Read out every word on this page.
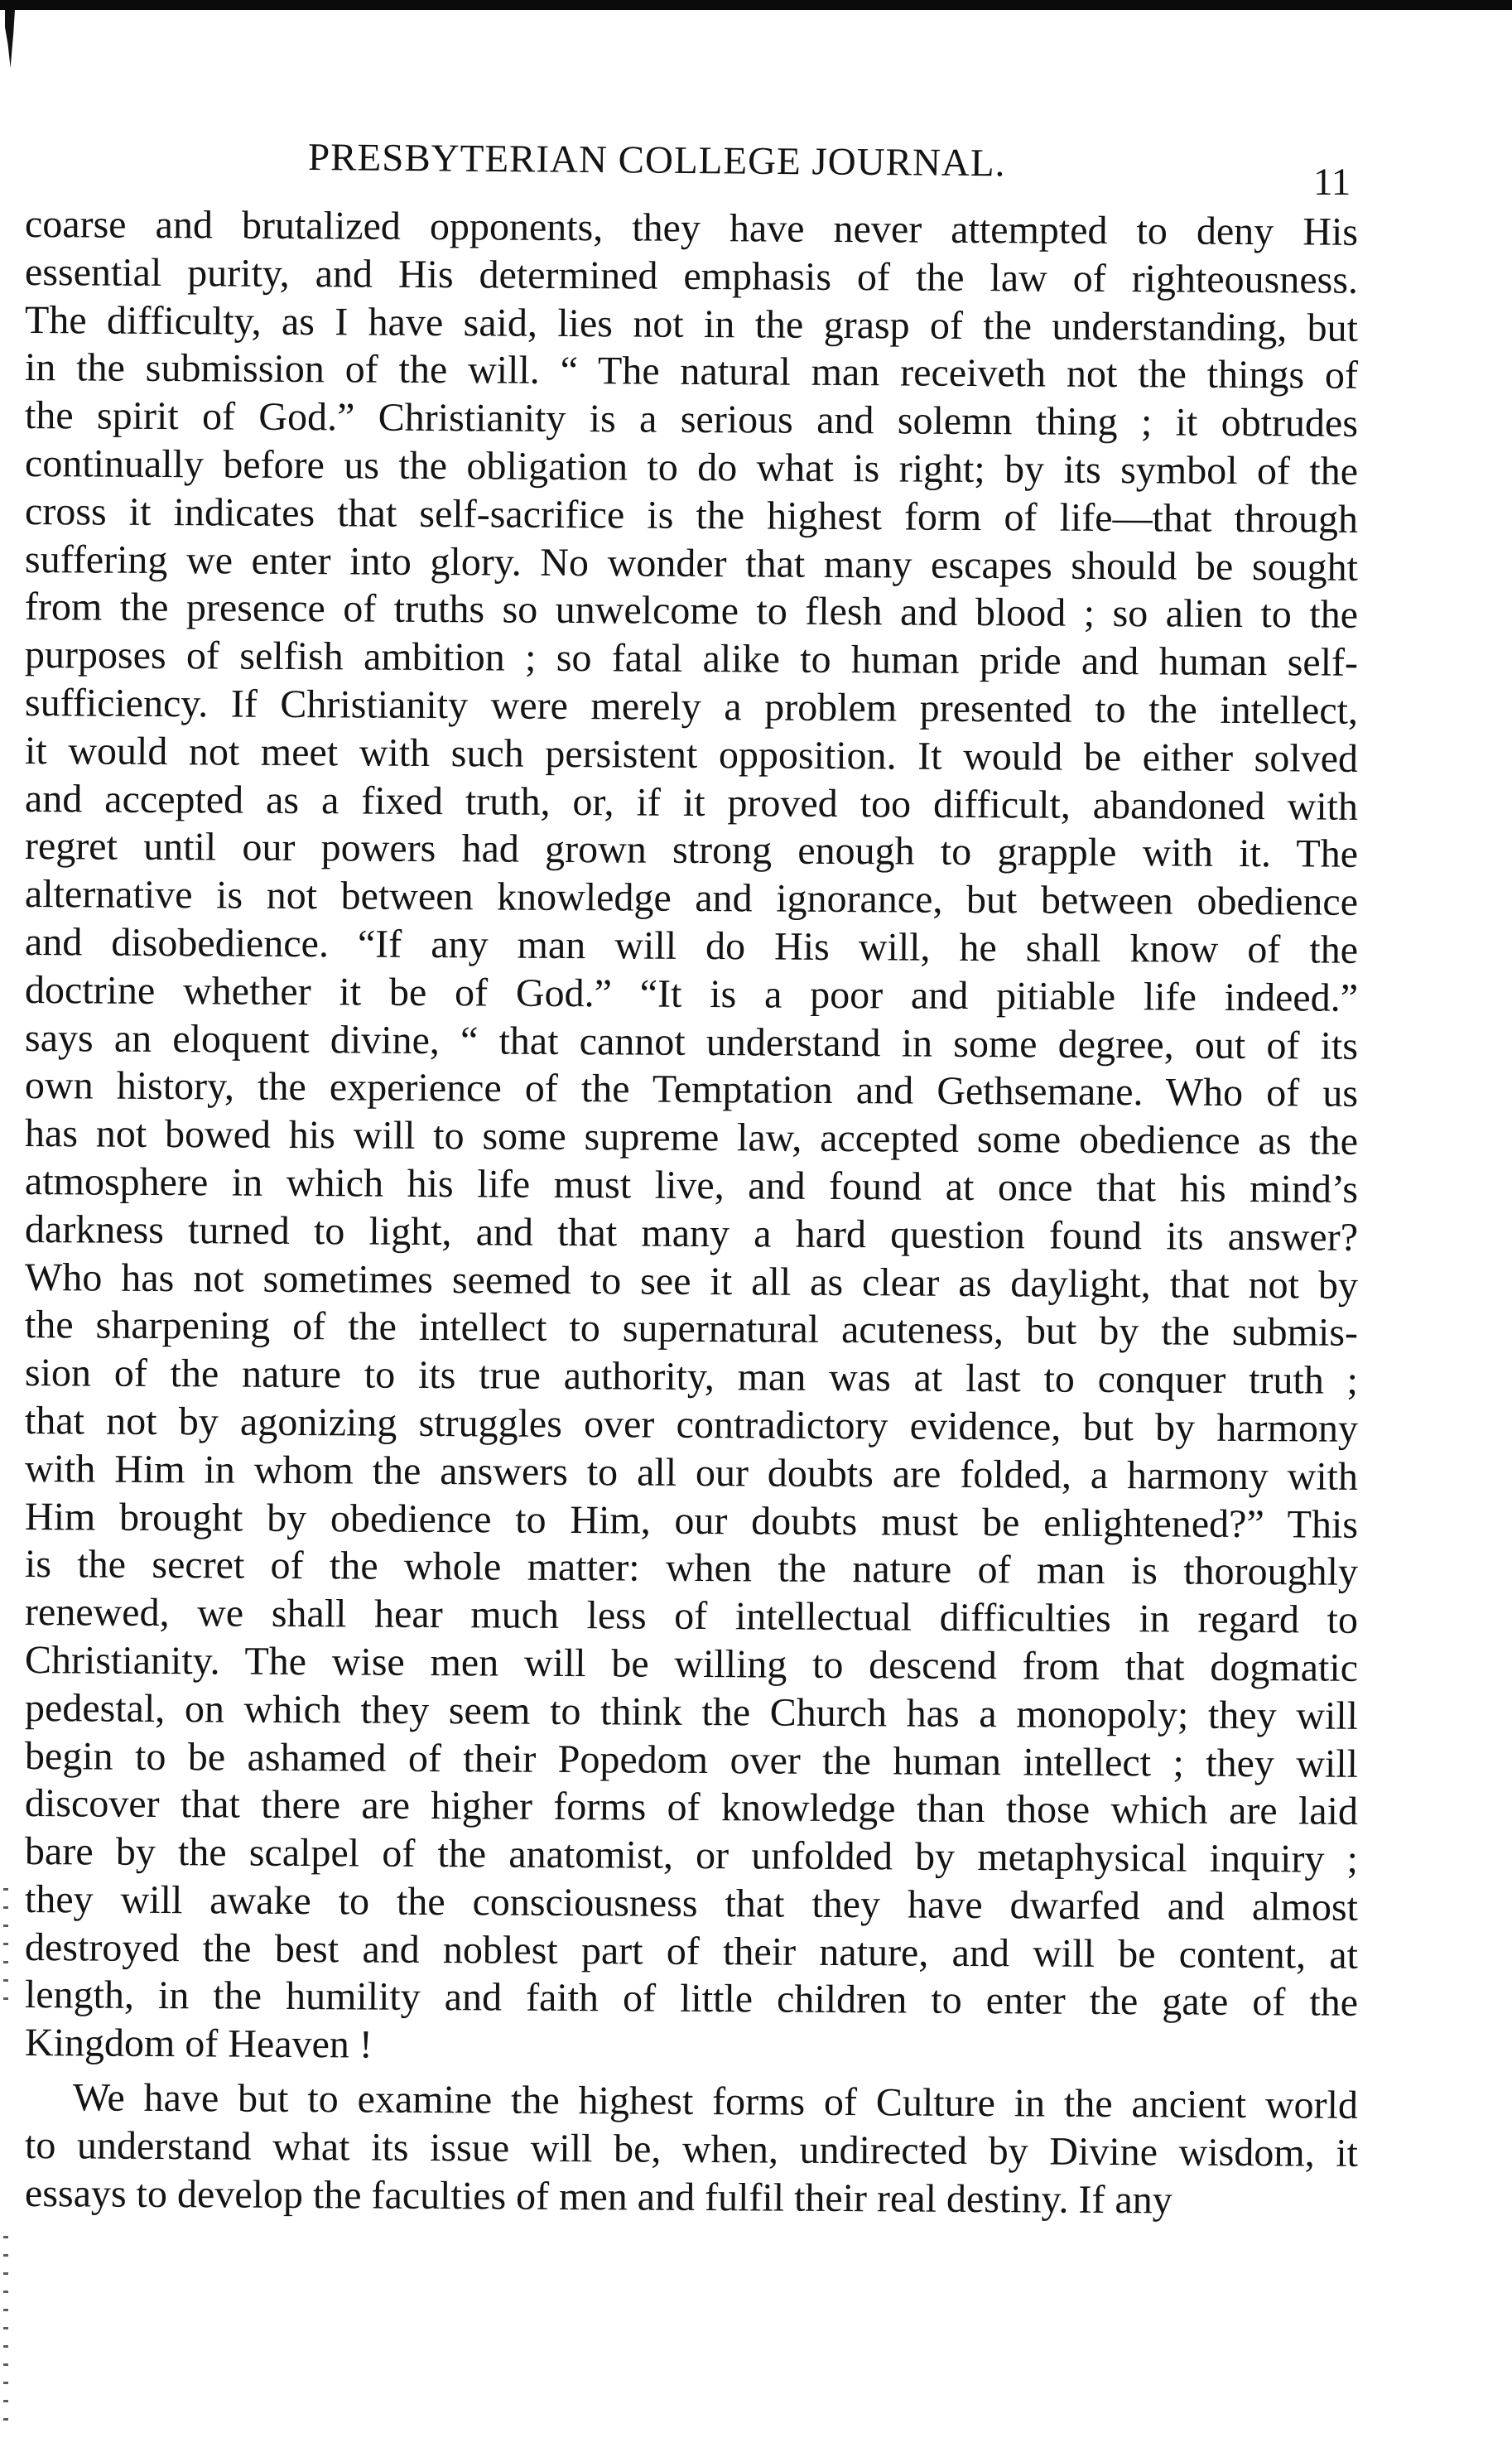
PRESBYTERIAN COLLEGE JOURNAL.	11
coarse and brutalized opponents, they have never attempted to deny His
essential purity, and His determined emphasis of the law of righteousness.
The difficulty, as I have said, lies not in the grasp of the understanding, but
in the submission of the will. “ The natural man receiveth not the things of
the spirit of God.” Christianity is a serious and solemn thing ; it obtrudes
continually before us the obligation to do what is right; by its symbol of the
cross it indicates that self-sacrifice is the highest form of life—that through
suffering we enter into glory. No wonder that many escapes should be sought
from the presence of truths so unwelcome to flesh and blood ; so alien to the
purposes of selfish ambition ; so fatal alike to human pride and human self-
sufficiency. If Christianity were merely a problem presented to the intellect,
it would not meet with such persistent opposition. It would be either solved
and accepted as a fixed truth, or, if it proved too difficult, abandoned with
regret until our powers had grown strong enough to grapple with it. The
alternative is not between knowledge and ignorance, but between obedience
and disobedience. “If any man will do His will, he shall know of the
doctrine whether it be of God.” “It is a poor and pitiable life indeed.”
says an eloquent divine, “ that cannot understand in some degree, out of its
own history, the experience of the Temptation and Gethsemane. Who of us
has not bowed his will to some supreme law, accepted some obedience as the
atmosphere in which his life must live, and found at once that his mind’s
darkness turned to light, and that many a hard question found its answer?
Who has not sometimes seemed to see it all as clear as daylight, that not by
the sharpening of the intellect to supernatural acuteness, but by the submis-
sion of the nature to its true authority, man was at last to conquer truth ;
that not by agonizing struggles over contradictory evidence, but by harmony
with Him in whom the answers to all our doubts are folded, a harmony with
Him brought by obedience to Him, our doubts must be enlightened?” This
is the secret of the whole matter: when the nature of man is thoroughly
renewed, we shall hear much less of intellectual difficulties in regard to
Christianity. The wise men will be willing to descend from that dogmatic
pedestal, on which they seem to think the Church has a monopoly; they will
begin to be ashamed of their Popedom over the human intellect ; they will
discover that there are higher forms of knowledge than those which are laid
bare by the scalpel of the anatomist, or unfolded by metaphysical inquiry ;
they will awake to the consciousness that they have dwarfed and almost
destroyed the best and noblest part of their nature, and will be content, at
length, in the humility and faith of little children to enter the gate of the
Kingdom of Heaven !
We have but to examine the highest forms of Culture in the ancient world
to understand what its issue will be, when, undirected by Divine wisdom, it
essays to develop the faculties of men and fulfil their real destiny. If any
